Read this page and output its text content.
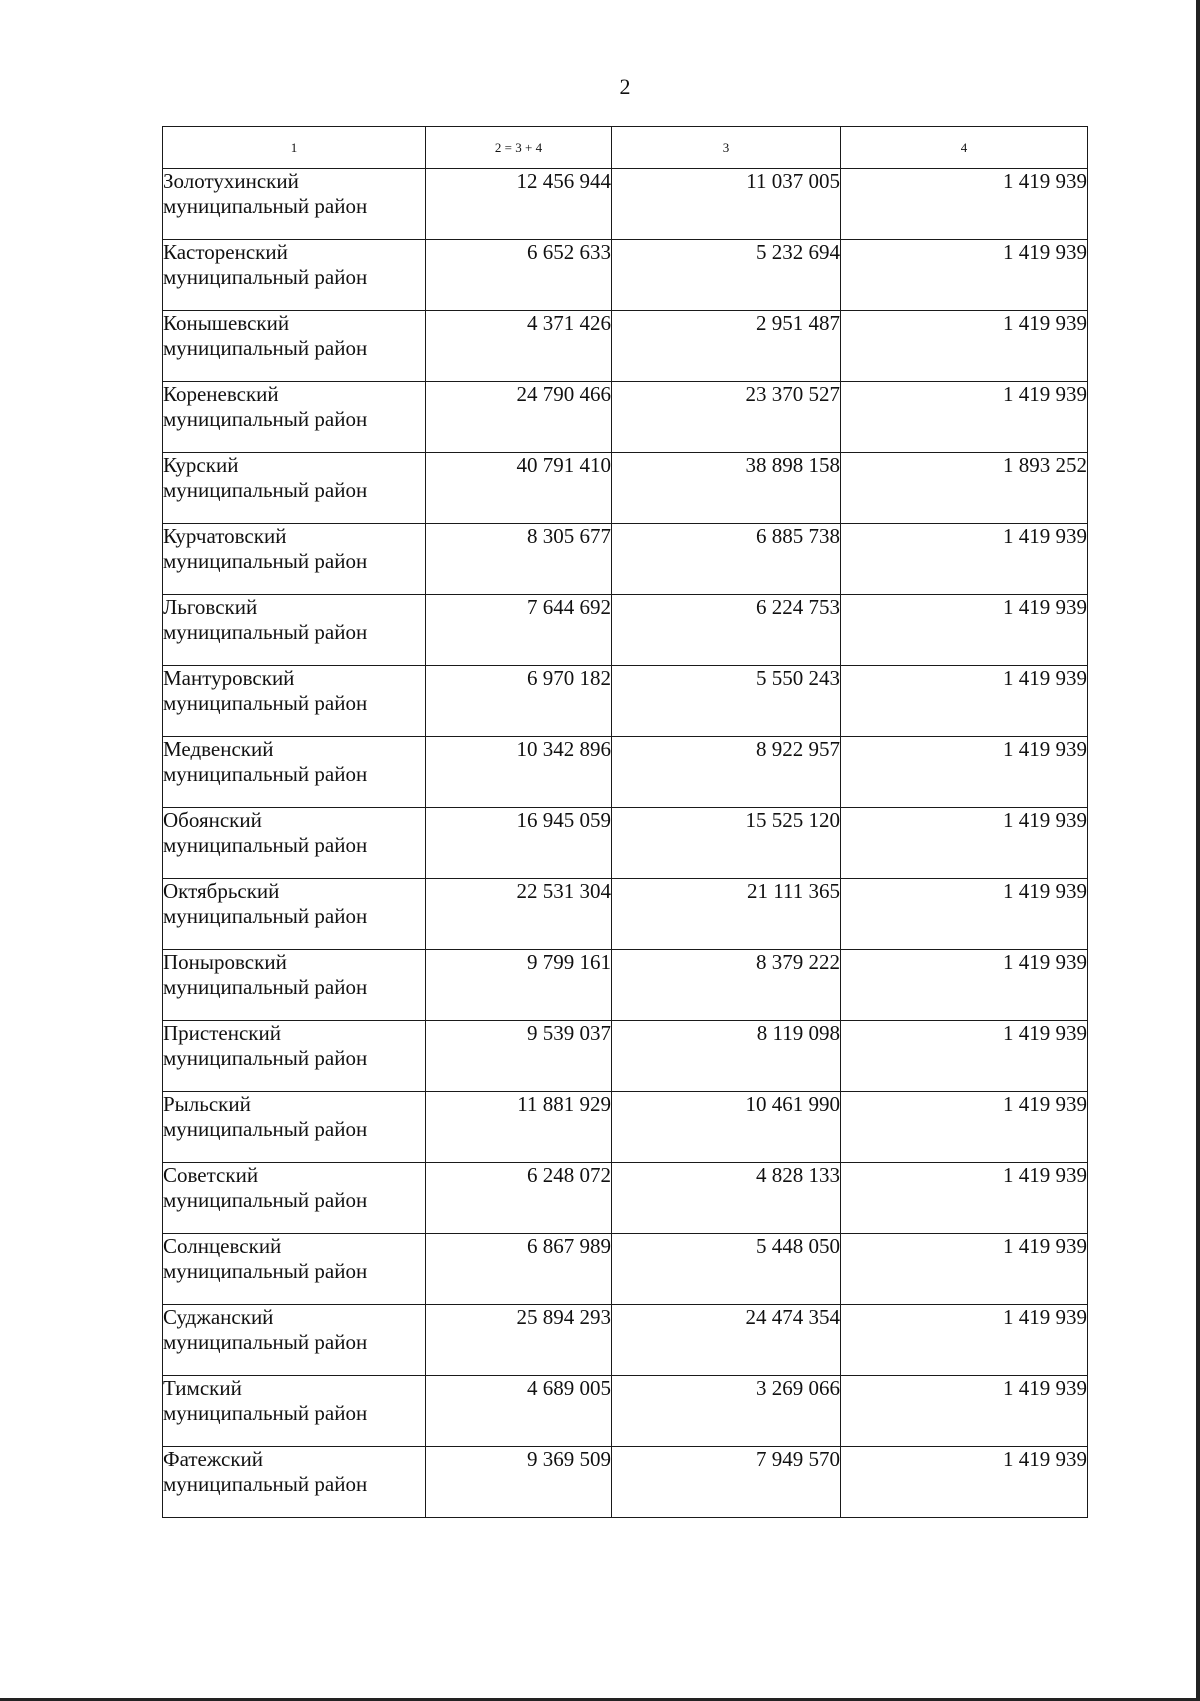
2
1	2 = 3 + 4	3	4

Золотухинский
муниципальный район	12 456 944	11 037 005	1 419 939

Касторенский
муниципальный район	6 652 633	5 232 694	1 419 939

Конышевский
муниципальный район	4 371 426	2 951 487	1 419 939

Кореневский
муниципальный район	24 790 466	23 370 527	1 419 939

Курский
муниципальный район	40 791 410	38 898 158	1 893 252

Курчатовский
муниципальный район	8 305 677	6 885 738	1 419 939

Льговский
муниципальный район	7 644 692	6 224 753	1 419 939

Мантуровский
муниципальный район	6 970 182	5 550 243	1 419 939

Медвенский
муниципальный район	10 342 896	8 922 957	1 419 939

Обоянский
муниципальный район	16 945 059	15 525 120	1 419 939

Октябрьский
муниципальный район	22 531 304	21 111 365	1 419 939

Поныровский
муниципальный район	9 799 161	8 379 222	1 419 939

Пристенский
муниципальный район	9 539 037	8 119 098	1 419 939

Рыльский
муниципальный район	11 881 929	10 461 990	1 419 939

Советский
муниципальный район	6 248 072	4 828 133	1 419 939

Солнцевский
муниципальный район	6 867 989	5 448 050	1 419 939

Суджанский
муниципальный район	25 894 293	24 474 354	1 419 939

Тимский
муниципальный район	4 689 005	3 269 066	1 419 939

Фатежский
муниципальный район	9 369 509	7 949 570	1 419 939
